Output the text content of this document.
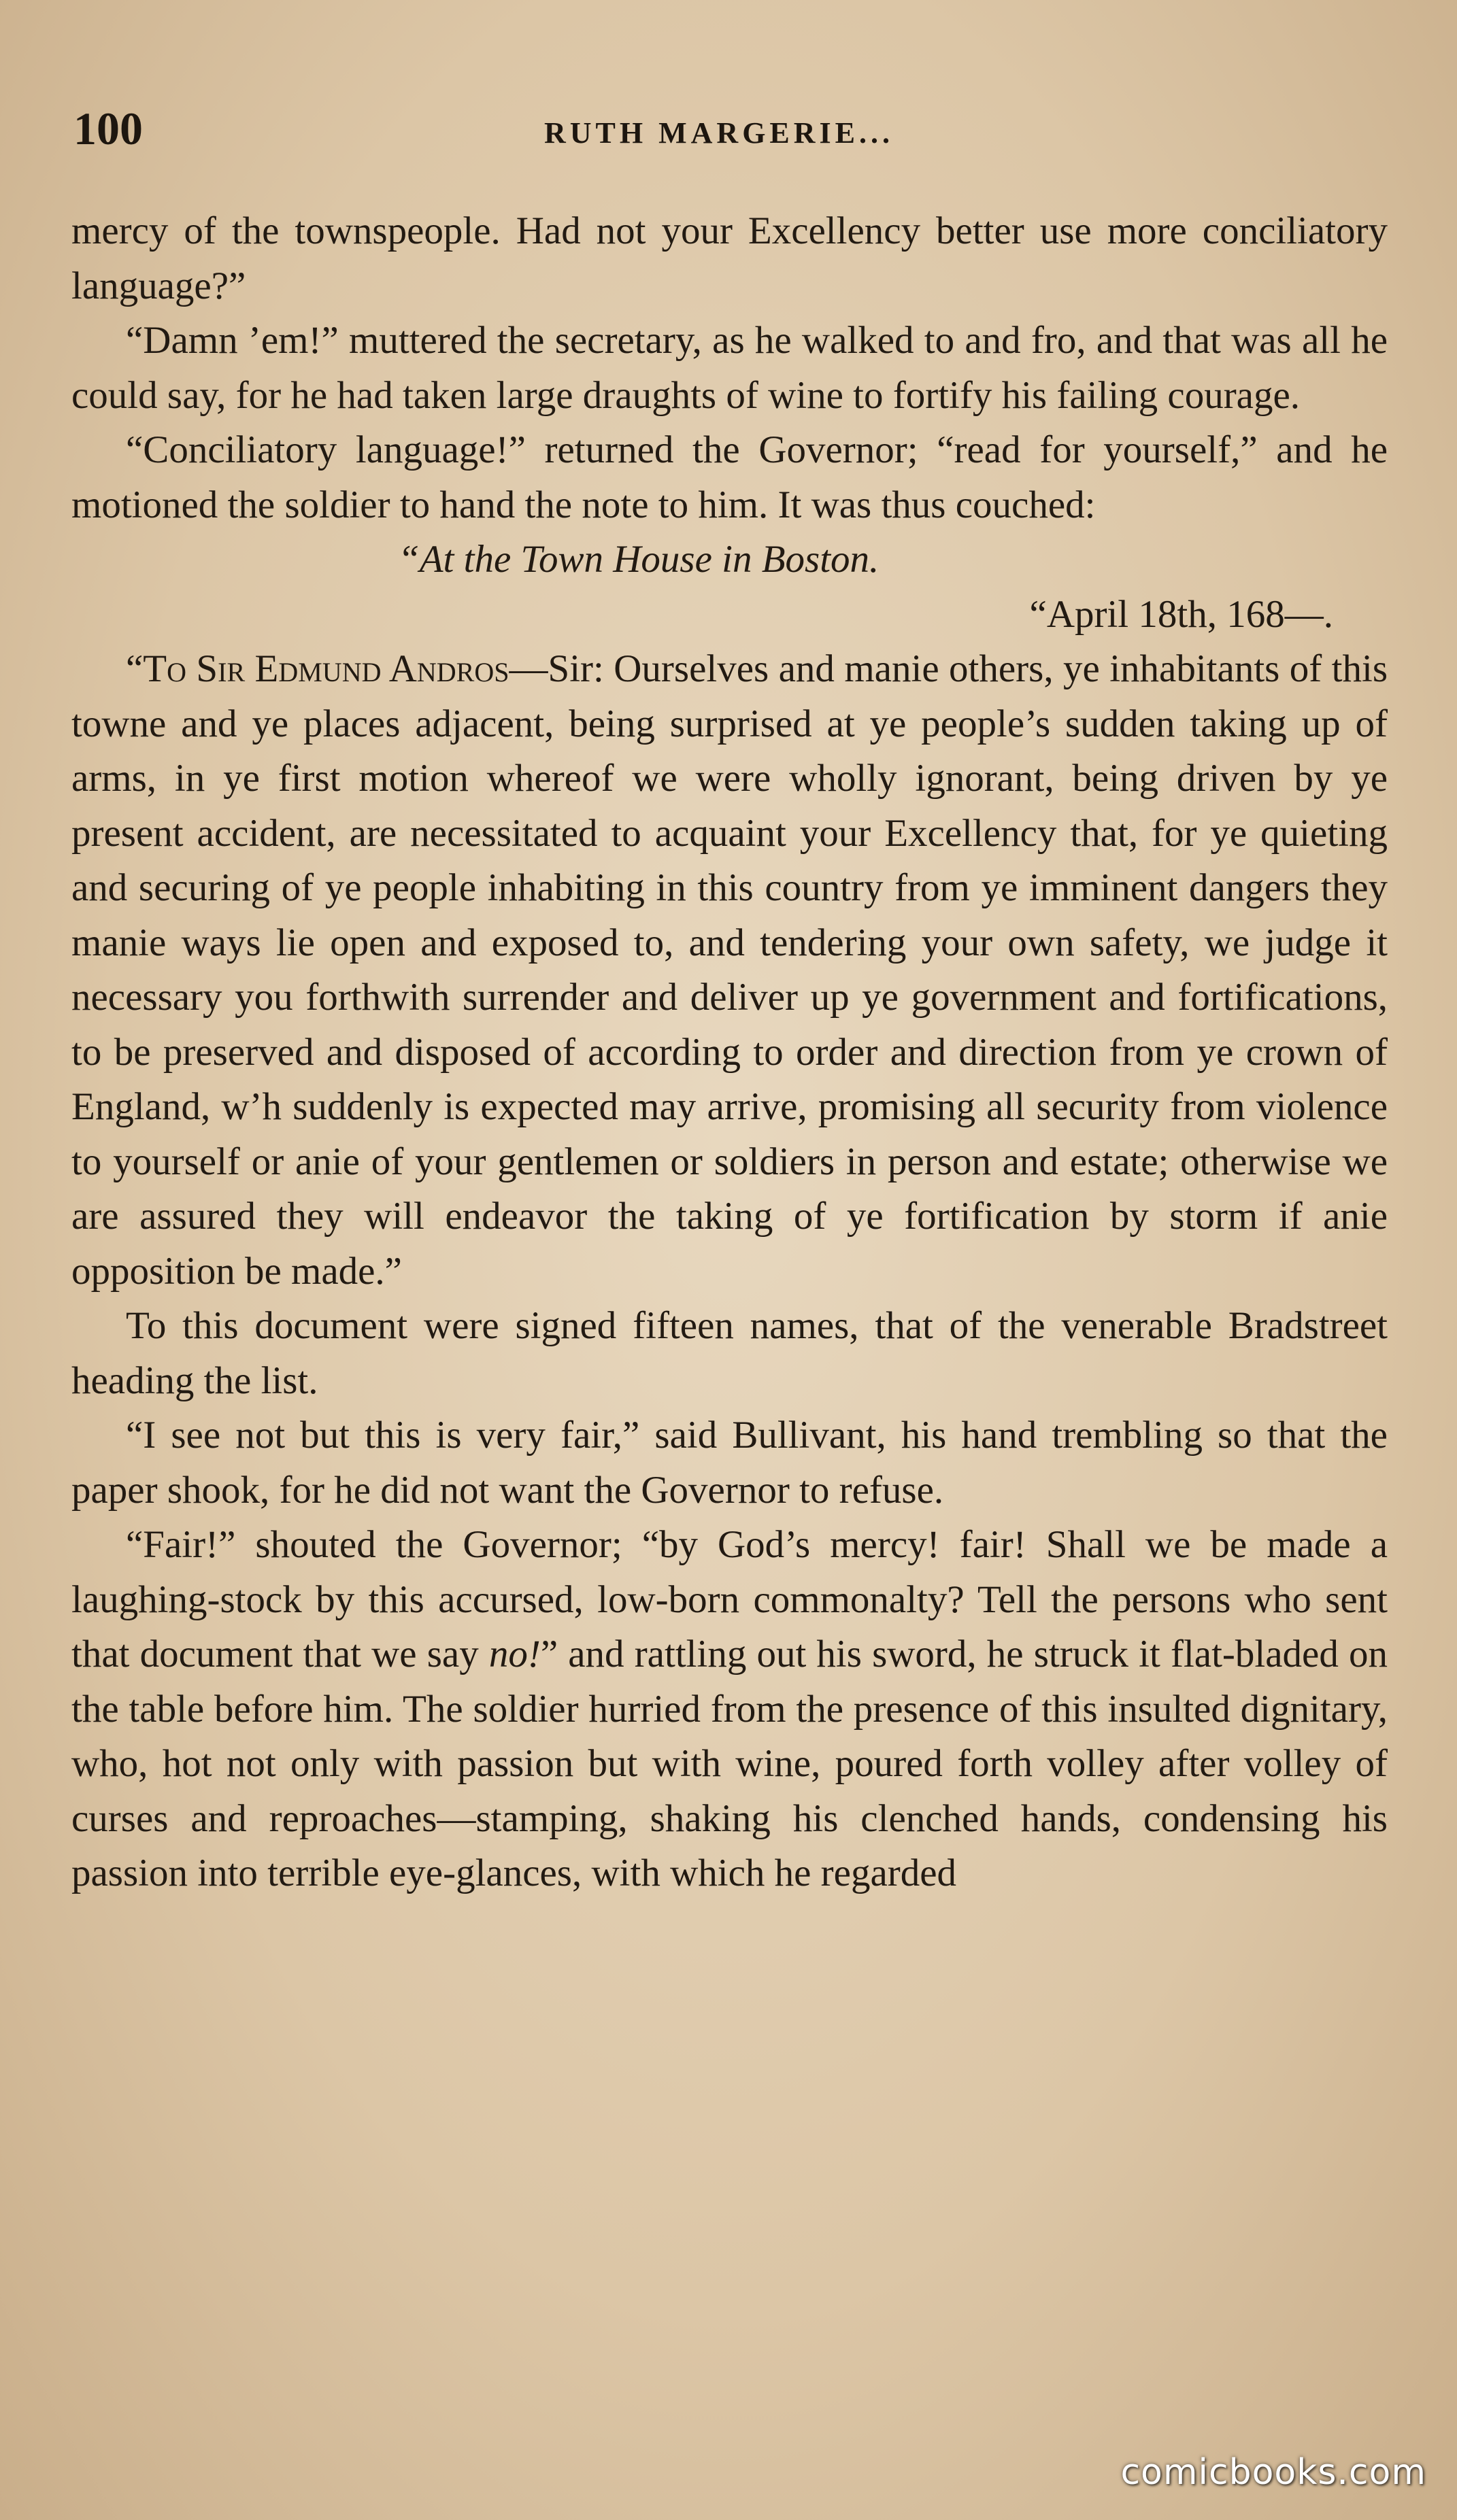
100	RUTH MARGERIE...

mercy of the townspeople. Had not your Excellency better use more conciliatory language?”

“Damn ’em!” muttered the secretary, as he walked to and fro, and that was all he could say, for he had taken large draughts of wine to fortify his failing courage.

“Conciliatory language!” returned the Governor; “read for yourself,” and he motioned the soldier to hand the note to him. It was thus couched:

“At the Town House in Boston.

“April 18th, 168—.

“To Sir Edmund Andros—Sir: Ourselves and manie others, ye inhabitants of this towne and ye places adjacent, being surprised at ye people’s sudden taking up of arms, in ye first motion whereof we were wholly ignorant, being driven by ye present accident, are necessitated to acquaint your Excellency that, for ye quieting and securing of ye people inhabiting in this country from ye imminent dangers they manie ways lie open and exposed to, and tendering your own safety, we judge it necessary you forthwith surrender and deliver up ye government and fortifications, to be preserved and disposed of according to order and direction from ye crown of England, w’h suddenly is expected may arrive, promising all security from violence to yourself or anie of your gentlemen or soldiers in person and estate; otherwise we are assured they will endeavor the taking of ye fortification by storm if anie opposition be made.”

To this document were signed fifteen names, that of the venerable Bradstreet heading the list.

“I see not but this is very fair,” said Bullivant, his hand trembling so that the paper shook, for he did not want the Governor to refuse.

“Fair!” shouted the Governor; “by God’s mercy! fair! Shall we be made a laughing-stock by this accursed, low-born commonalty? Tell the persons who sent that document that we say no!” and rattling out his sword, he struck it flat-bladed on the table before him. The soldier hurried from the presence of this insulted dignitary, who, hot not only with passion but with wine, poured forth volley after volley of curses and reproaches—stamping, shaking his clenched hands, condensing his passion into terrible eye-glances, with which he regarded

comicbooks.com
